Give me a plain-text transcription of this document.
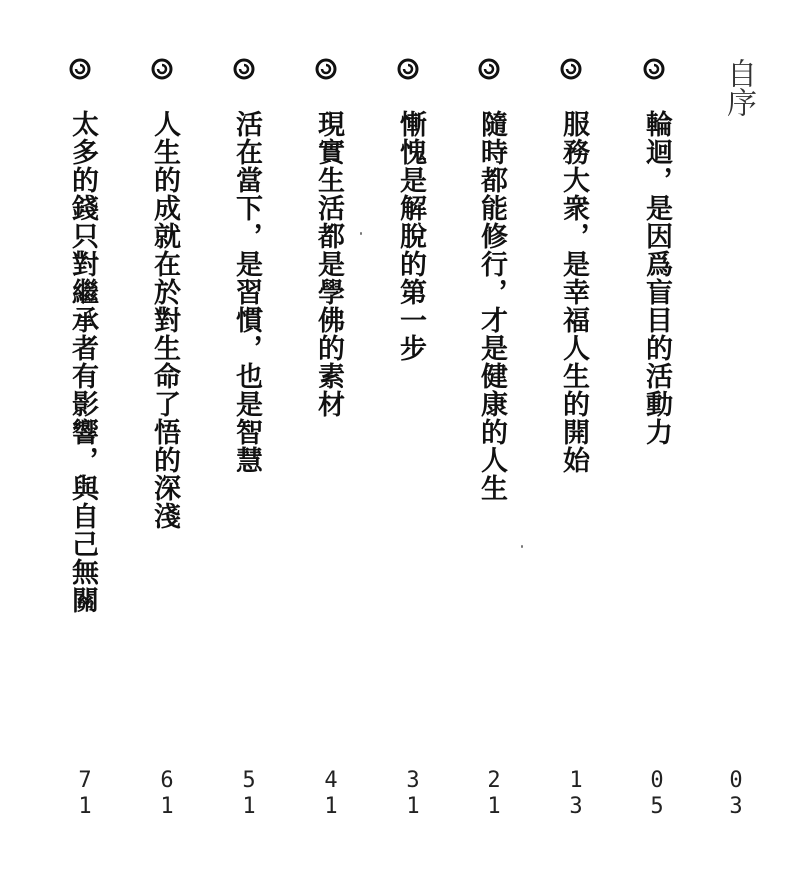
自序
0
3
輪迴，是因爲盲目的活動力
0
5
服務大衆，是幸福人生的開始
1
3
隨時都能修行，才是健康的人生
2
1
慚愧是解脫的第一步
3
1
現實生活都是學佛的素材
4
1
活在當下，是習慣，也是智慧
5
1
人生的成就在於對生命了悟的深淺
6
1
太多的錢只對繼承者有影響，與自己無關
7
1
